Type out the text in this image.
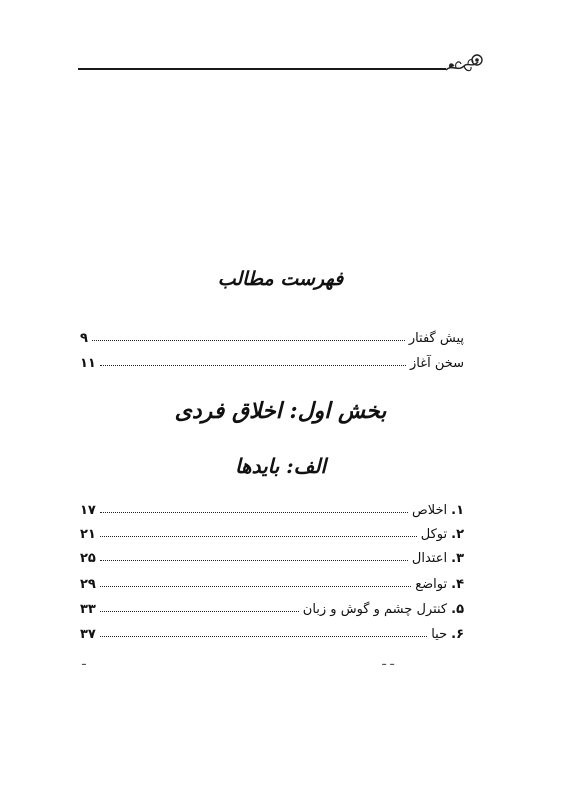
فهرست مطالب
پیش گفتار
۹
سخن آغاز
۱۱
بخش اول: اخلاق فردی
الف: بایدها
۱.
اخلاص
۱۷
۲.
توکل
۲۱
۳.
اعتدال
۲۵
۴.
تواضع
۲۹
۵.
کنترل چشم و گوش و زبان
۳۳
۶.
حیا
۳۷
ـ ـ
ـ
